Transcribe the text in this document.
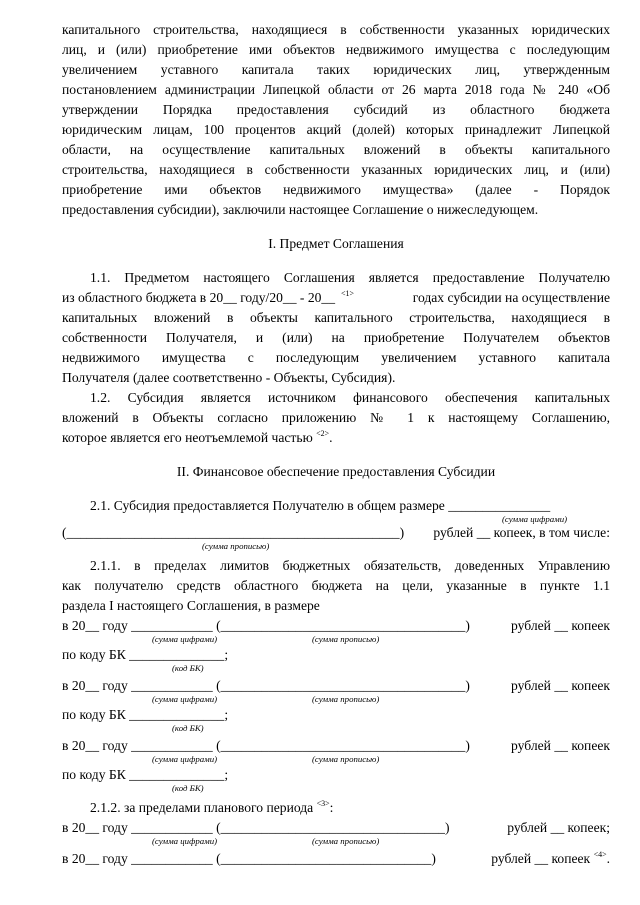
капитального строительства, находящиеся в собственности указанных юридических

лиц, и (или) приобретение ими объектов недвижимого имущества с последующим

увеличением уставного капитала таких юридических лиц, утвержденным

постановлением администрации Липецкой области от 26 марта 2018 года № 240 «Об

утверждении Порядка предоставления субсидий из областного бюджета

юридическим лицам, 100 процентов акций (долей) которых принадлежит Липецкой

области, на осуществление капитальных вложений в объекты капитального

строительства, находящиеся в собственности указанных юридических лиц, и (или)

приобретение ими объектов недвижимого имущества» (далее - Порядок

предоставления субсидии), заключили настоящее Соглашение о нижеследующем.

I. Предмет Соглашения

1.1. Предметом настоящего Соглашения является предоставление Получателю

из областного бюджета в 20__ году/20__ - 20__ $^{<1>}$	годах субсидии на осуществление

капитальных вложений в объекты капитального строительства, находящиеся в

собственности Получателя, и (или) на приобретение Получателем объектов

недвижимого имущества с последующим увеличением уставного капитала

Получателя (далее соответственно - Объекты, Субсидия).

1.2. Субсидия является источником финансового обеспечения капитальных

вложений в Объекты согласно приложению № 1 к настоящему Соглашению,

которое является его неотъемлемой частью $^{<2>}$.

II. Финансовое обеспечение предоставления Субсидии

2.1. Субсидия предоставляется Получателю в общем размере _______________

(сумма цифрами)

(_________________________________________________) рублей __ копеек, в том числе:

(сумма прописью)

2.1.1. в пределах лимитов бюджетных обязательств, доведенных Управлению

как получателю средств областного бюджета на цели, указанные в пункте 1.1

раздела I настоящего Соглашения, в размере

в 20__ году ____________ (____________________________________)	рублей __ копеек

(сумма цифрами)	(сумма прописью)

по коду БК ______________;

(код БК)

в 20__ году ____________ (____________________________________)	рублей __ копеек

(сумма цифрами)	(сумма прописью)

по коду БК ______________;

(код БК)

в 20__ году ____________ (____________________________________)	рублей __ копеек

(сумма цифрами)	(сумма прописью)

по коду БК ______________;

(код БК)

2.1.2. за пределами планового периода $^{<3>}$:

в 20__ году ____________ (_________________________________)	рублей __ копеек;

(сумма цифрами)	(сумма прописью)

в 20__ году ____________ (_______________________________)	рублей __ копеек $^{<4>}$.
